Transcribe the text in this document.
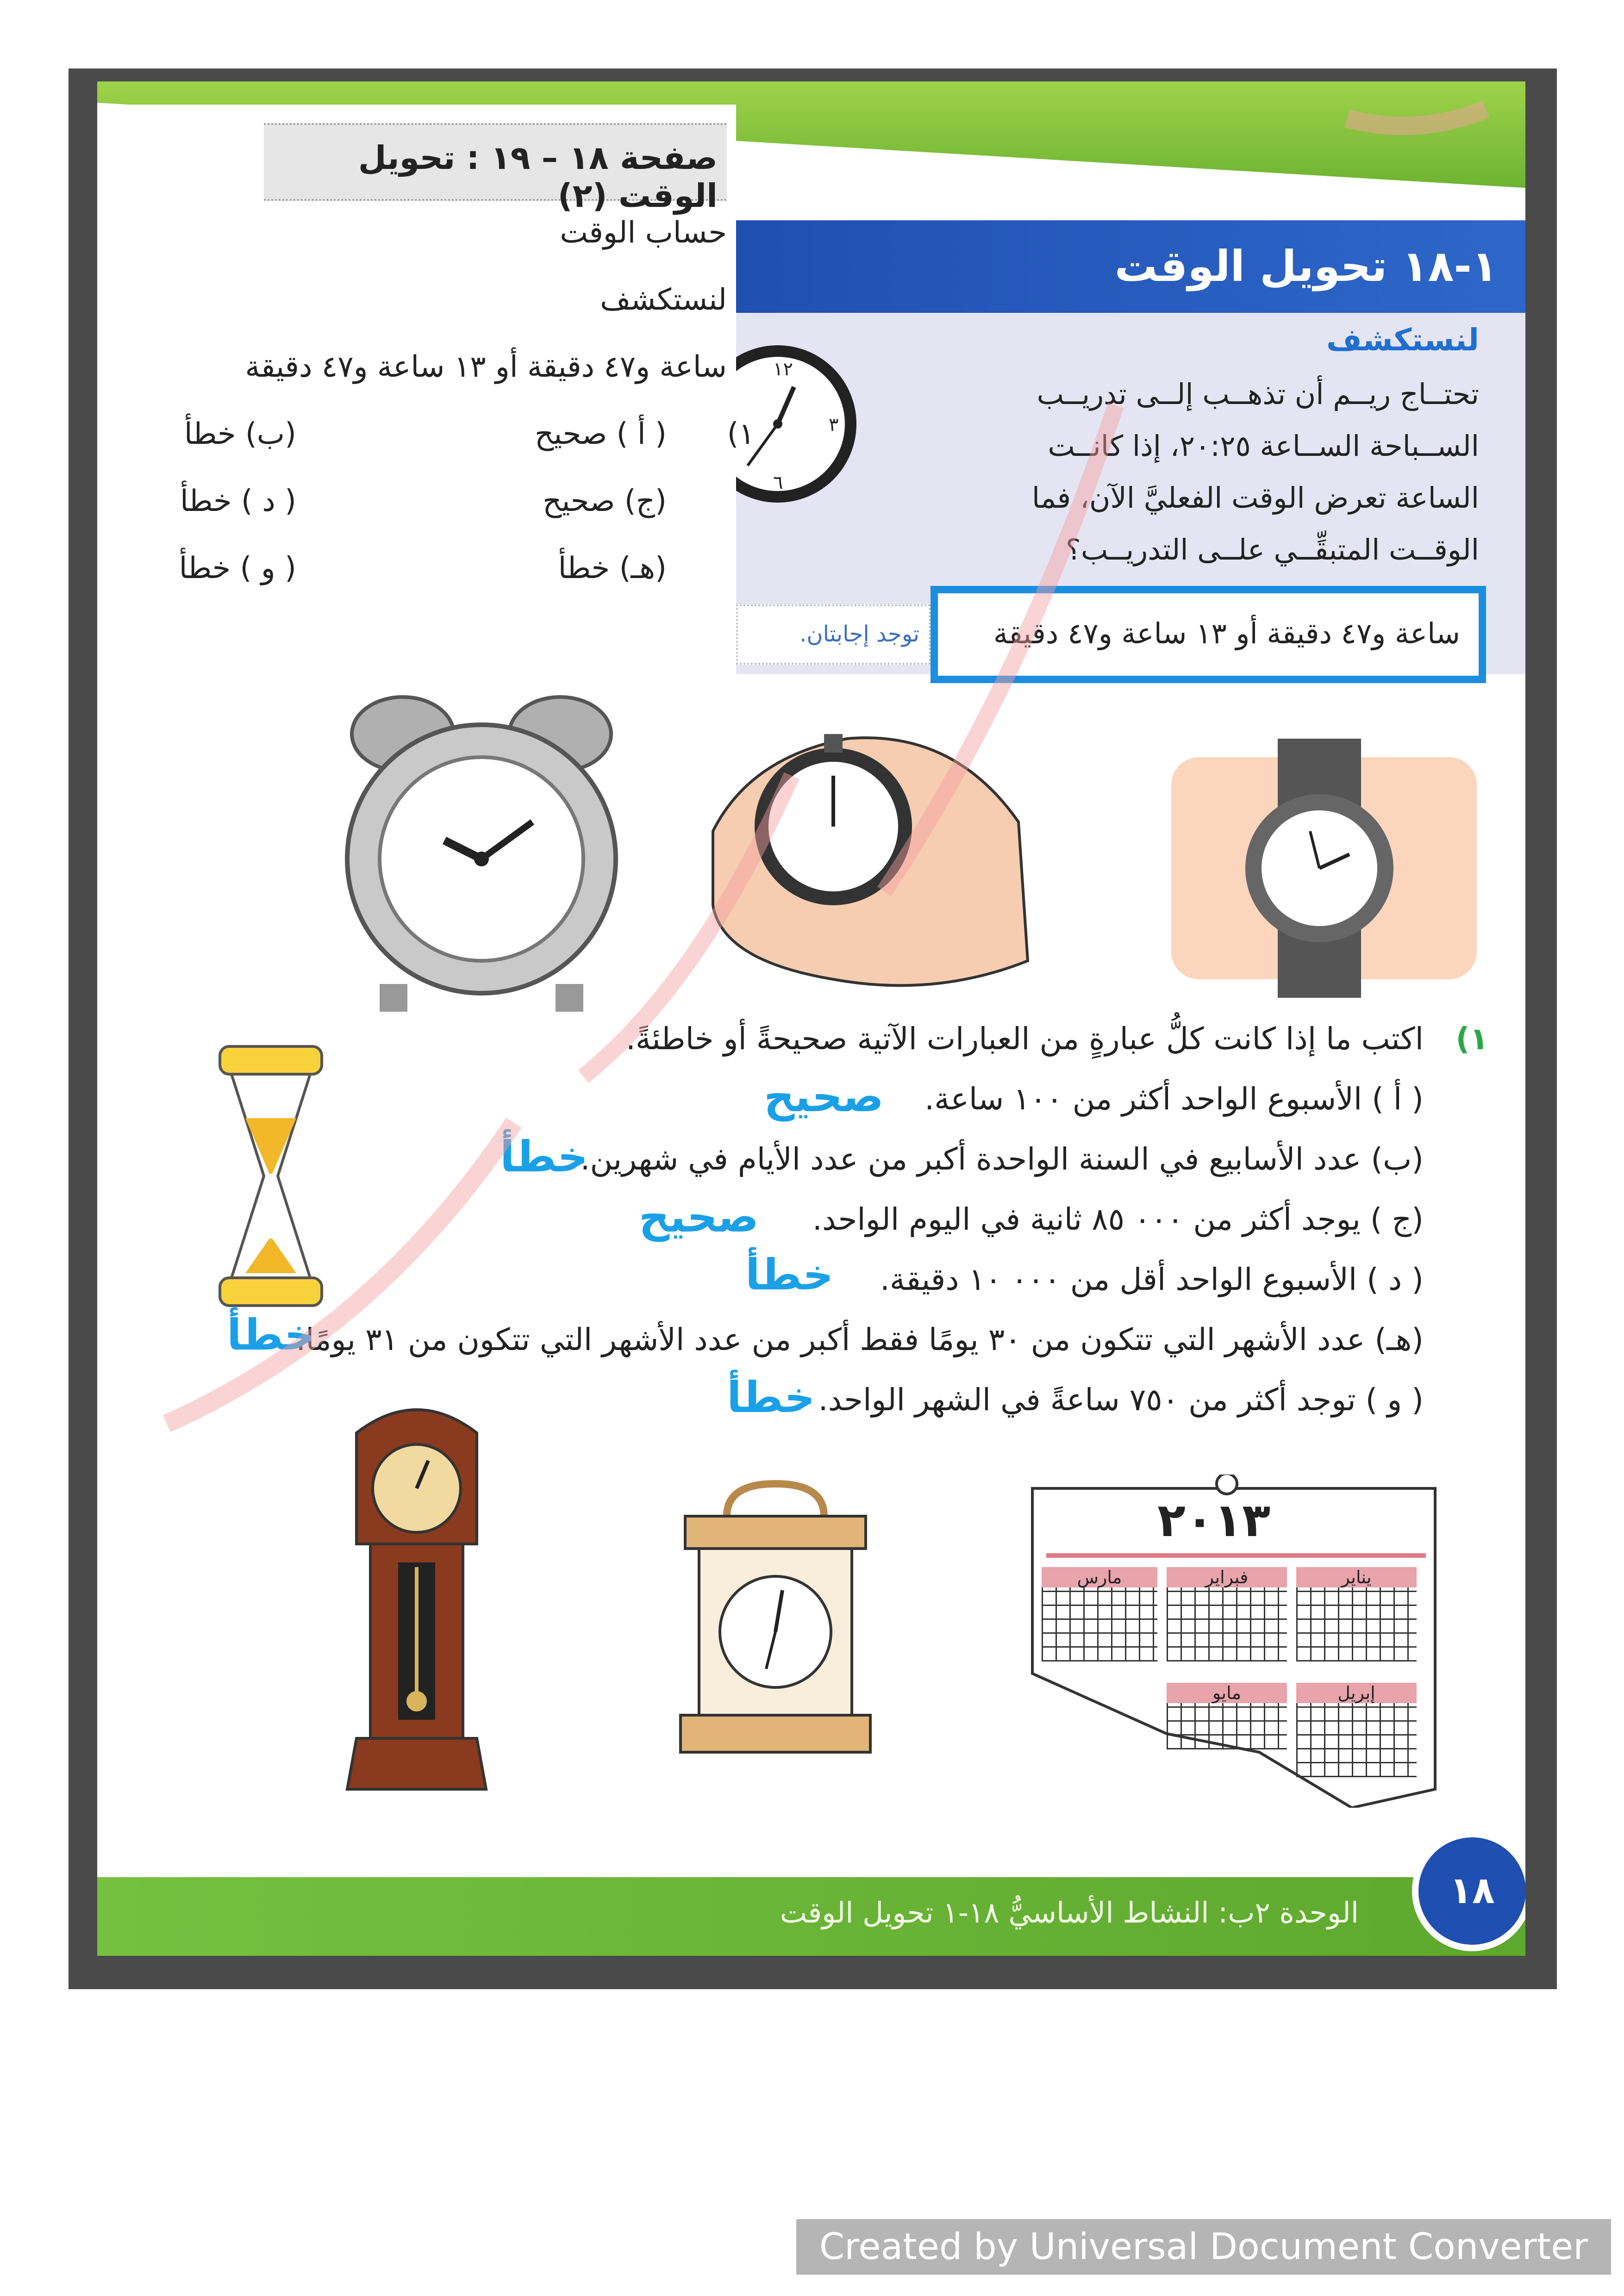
١-١٨ تحويل الوقت
لنستكشف
تحتــاج ريــم أن تذهــب إلــى تدريــب
الســباحة الســاعة ٢٠:٢٥، إذا كانــت
الساعة تعرض الوقت الفعليَّ الآن، فما
الوقــت المتبقِّــي علــى التدريــب؟
١٢
٣
٦
ساعة و٤٧ دقيقة أو ١٣ ساعة و٤٧ دقيقة
صفحة ١٨ – ١٩ : تحويل الوقت (٢)
حساب الوقت
لنستكشف
ساعة و٤٧ دقيقة أو ١٣ ساعة و٤٧ دقيقة
١)
( أ ) صحيح
(ب) خطأ
(ج) صحيح
( د ) خطأ
(هـ) خطأ
( و ) خطأ
توجد إجابتان.
١)
اكتب ما إذا كانت كلُّ عبارةٍ من العبارات الآتية صحيحةً أو خاطئةً.
( أ ) الأسبوع الواحد أكثر من ١٠٠ ساعة.
صحيح
(ب) عدد الأسابيع في السنة الواحدة أكبر من عدد الأيام في شهرين.
خطأ
(ج ) يوجد أكثر من ٠٠٠ ٨٥ ثانية في اليوم الواحد.
صحيح
( د ) الأسبوع الواحد أقل من ٠٠٠ ١٠ دقيقة.
خطأ
(هـ) عدد الأشهر التي تتكون من ٣٠ يومًا فقط أكبر من عدد الأشهر التي تتكون من ٣١ يومًا.
خطأ
( و ) توجد أكثر من ٧٥٠ ساعةً في الشهر الواحد.
خطأ
٢٠١٣
يناير
فبراير
مارس
إبريل
مايو
الوحدة ٢ب: النشاط الأساسيُّ ١٨-١ تحويل الوقت
١٨
Created by Universal Document Converter
